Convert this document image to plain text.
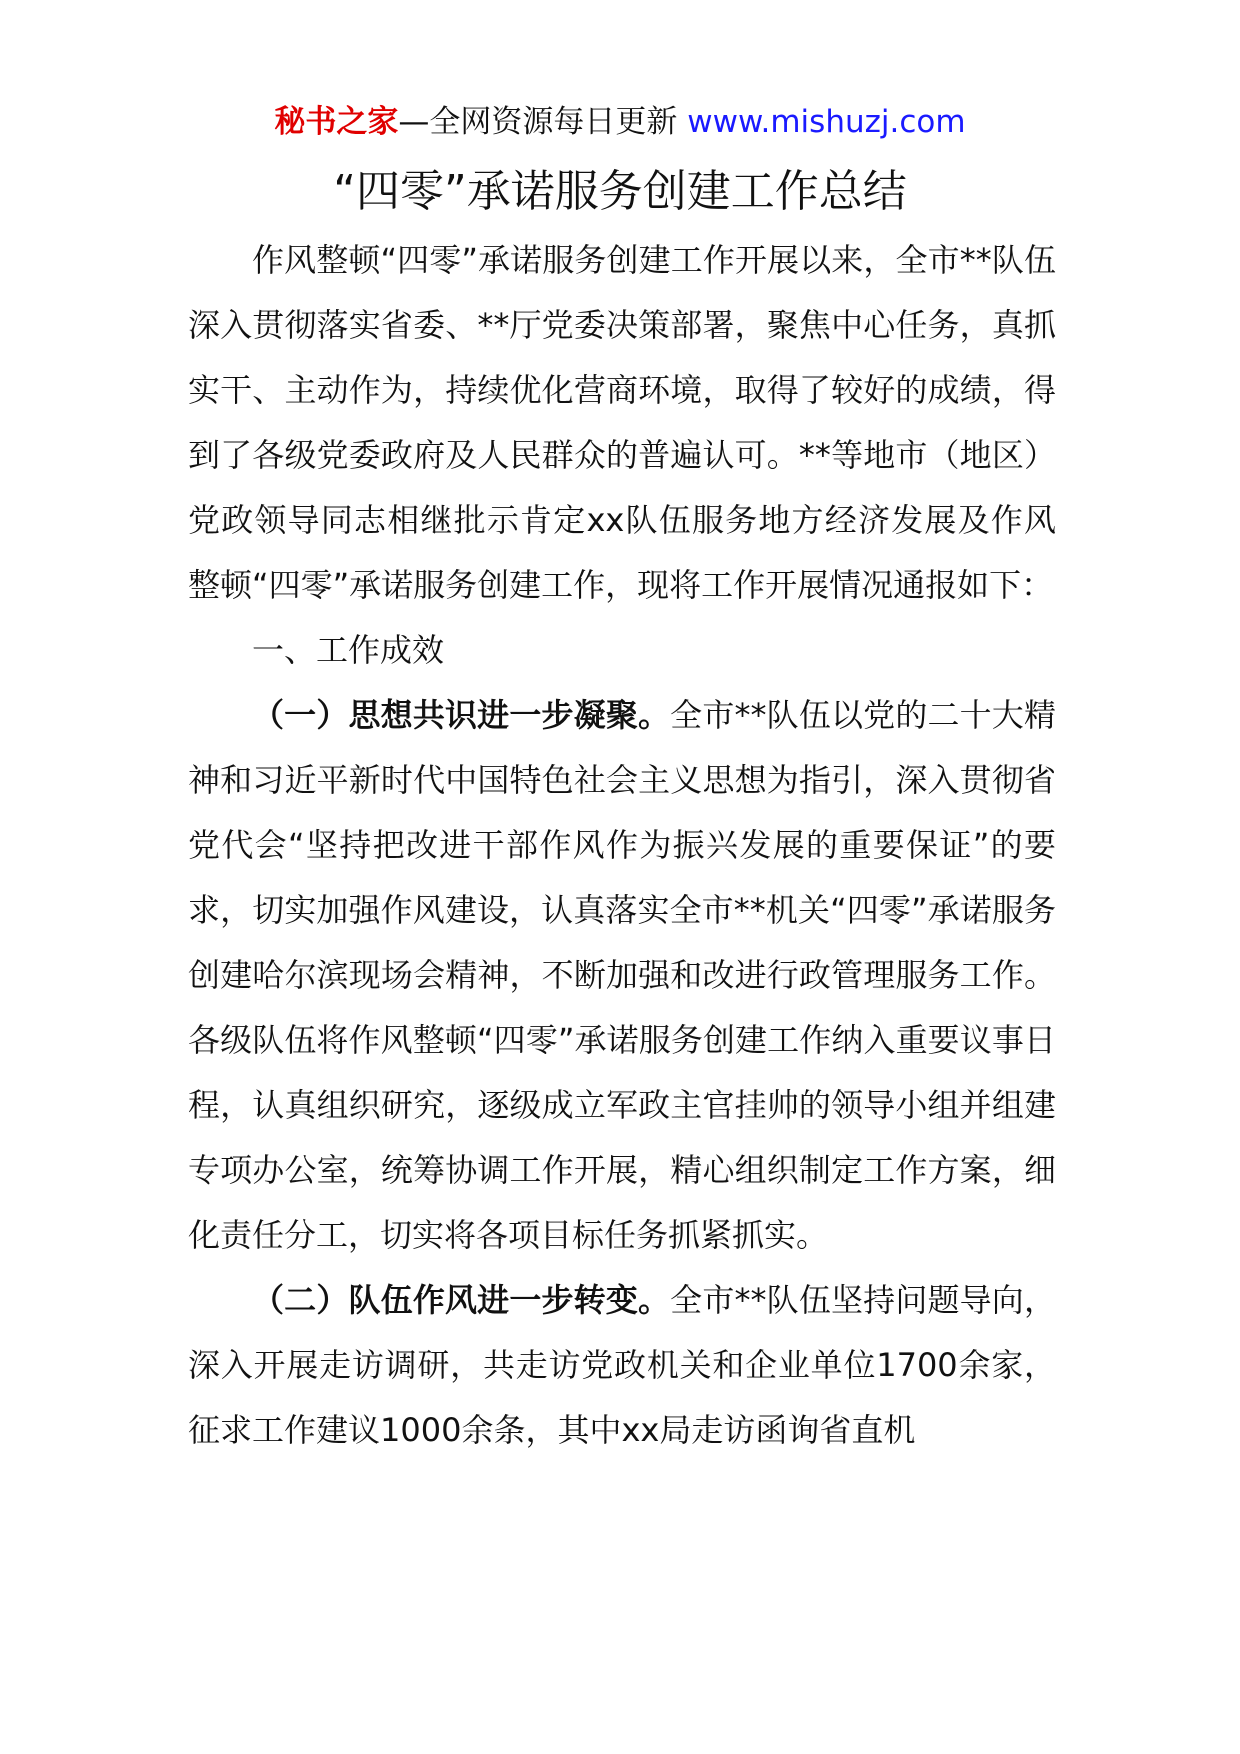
秘书之家—全网资源每日更新 www.mishuzj.com
“四零”承诺服务创建工作总结

作风整顿“四零”承诺服务创建工作开展以来，全市**队伍深入贯彻落实省委、**厅党委决策部署，聚焦中心任务，真抓实干、主动作为，持续优化营商环境，取得了较好的成绩，得到了各级党委政府及人民群众的普遍认可。**等地市（地区）党政领导同志相继批示肯定xx队伍服务地方经济发展及作风整顿“四零”承诺服务创建工作，现将工作开展情况通报如下：

一、工作成效

（一）思想共识进一步凝聚。全市**队伍以党的二十大精神和习近平新时代中国特色社会主义思想为指引，深入贯彻省党代会“坚持把改进干部作风作为振兴发展的重要保证”的要求，切实加强作风建设，认真落实全市**机关“四零”承诺服务创建哈尔滨现场会精神，不断加强和改进行政管理服务工作。各级队伍将作风整顿“四零”承诺服务创建工作纳入重要议事日程，认真组织研究，逐级成立军政主官挂帅的领导小组并组建专项办公室，统筹协调工作开展，精心组织制定工作方案，细化责任分工，切实将各项目标任务抓紧抓实。

（二）队伍作风进一步转变。全市**队伍坚持问题导向，深入开展走访调研，共走访党政机关和企业单位1700余家，征求工作建议1000余条，其中xx局走访函询省直机
